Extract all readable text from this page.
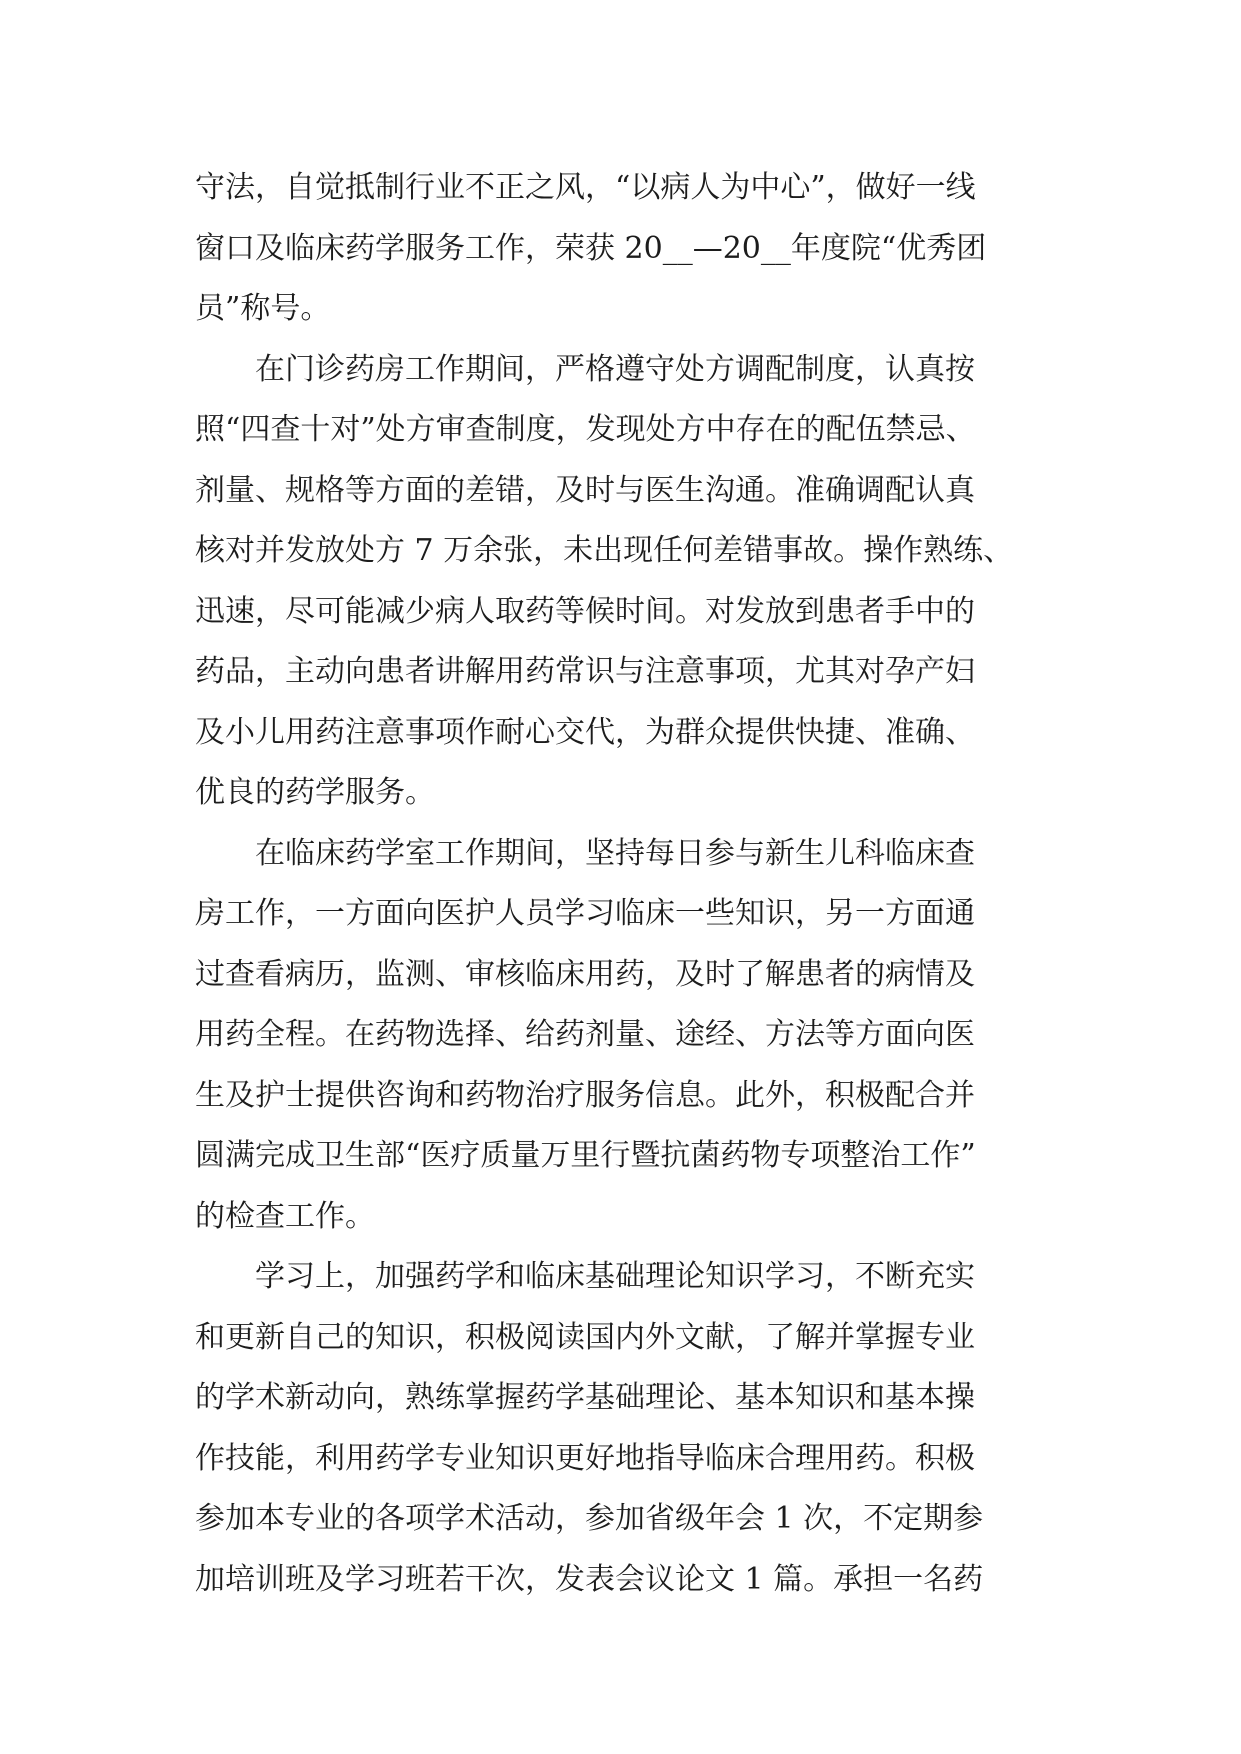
守法，自觉抵制行业不正之风，“以病人为中心”，做好一线
窗口及临床药学服务工作，荣获 20__—20__年度院“优秀团
员”称号。
　　在门诊药房工作期间，严格遵守处方调配制度，认真按
照“四查十对”处方审查制度，发现处方中存在的配伍禁忌、
剂量、规格等方面的差错，及时与医生沟通。准确调配认真
核对并发放处方 7 万余张，未出现任何差错事故。操作熟练、
迅速，尽可能减少病人取药等候时间。对发放到患者手中的
药品，主动向患者讲解用药常识与注意事项，尤其对孕产妇
及小儿用药注意事项作耐心交代，为群众提供快捷、准确、
优良的药学服务。
　　在临床药学室工作期间，坚持每日参与新生儿科临床查
房工作，一方面向医护人员学习临床一些知识，另一方面通
过查看病历，监测、审核临床用药，及时了解患者的病情及
用药全程。在药物选择、给药剂量、途经、方法等方面向医
生及护士提供咨询和药物治疗服务信息。此外，积极配合并
圆满完成卫生部“医疗质量万里行暨抗菌药物专项整治工作”
的检查工作。
　　学习上，加强药学和临床基础理论知识学习，不断充实
和更新自己的知识，积极阅读国内外文献，了解并掌握专业
的学术新动向，熟练掌握药学基础理论、基本知识和基本操
作技能，利用药学专业知识更好地指导临床合理用药。积极
参加本专业的各项学术活动，参加省级年会 1 次，不定期参
加培训班及学习班若干次，发表会议论文 1 篇。承担一名药
